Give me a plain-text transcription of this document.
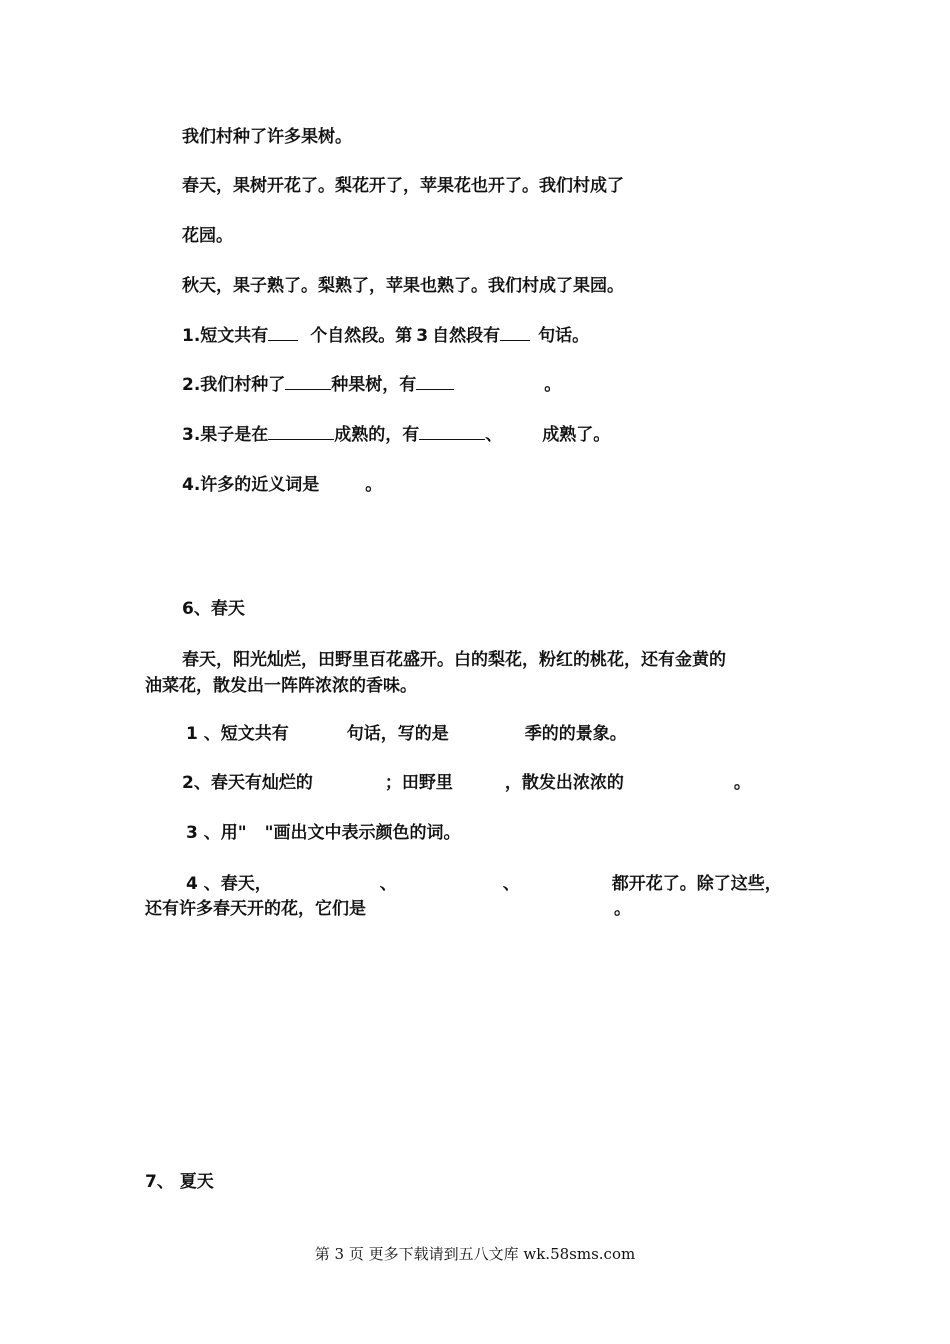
我们村种了许多果树。
春天，果树开花了。梨花开了，苹果花也开了。我们村成了
花园。
秋天，果子熟了。梨熟了，苹果也熟了。我们村成了果园。
1.短文共有 个自然段。第 3 自然段有 句话。
2.我们村种了	种果树，有	。
3.果子是在	成熟的，有	、 成熟了。
4.许多的近义词是	。
6、春天
春天，阳光灿烂，田野里百花盛开。白的梨花，粉红的桃花，还有金黄的
油菜花，散发出一阵阵浓浓的香味。
1 、短文共有	句话，写的是	季的的景象。
2、春天有灿烂的	；田野里	，散发出浓浓的	。
3 、用" "画出文中表示颜色的词。
4 、春天，	、	、	都开花了。除了这些，
还有许多春天开的花，它们是	。
7、 夏天
第 3 页 更多下载请到五八文库 wk.58sms.com
